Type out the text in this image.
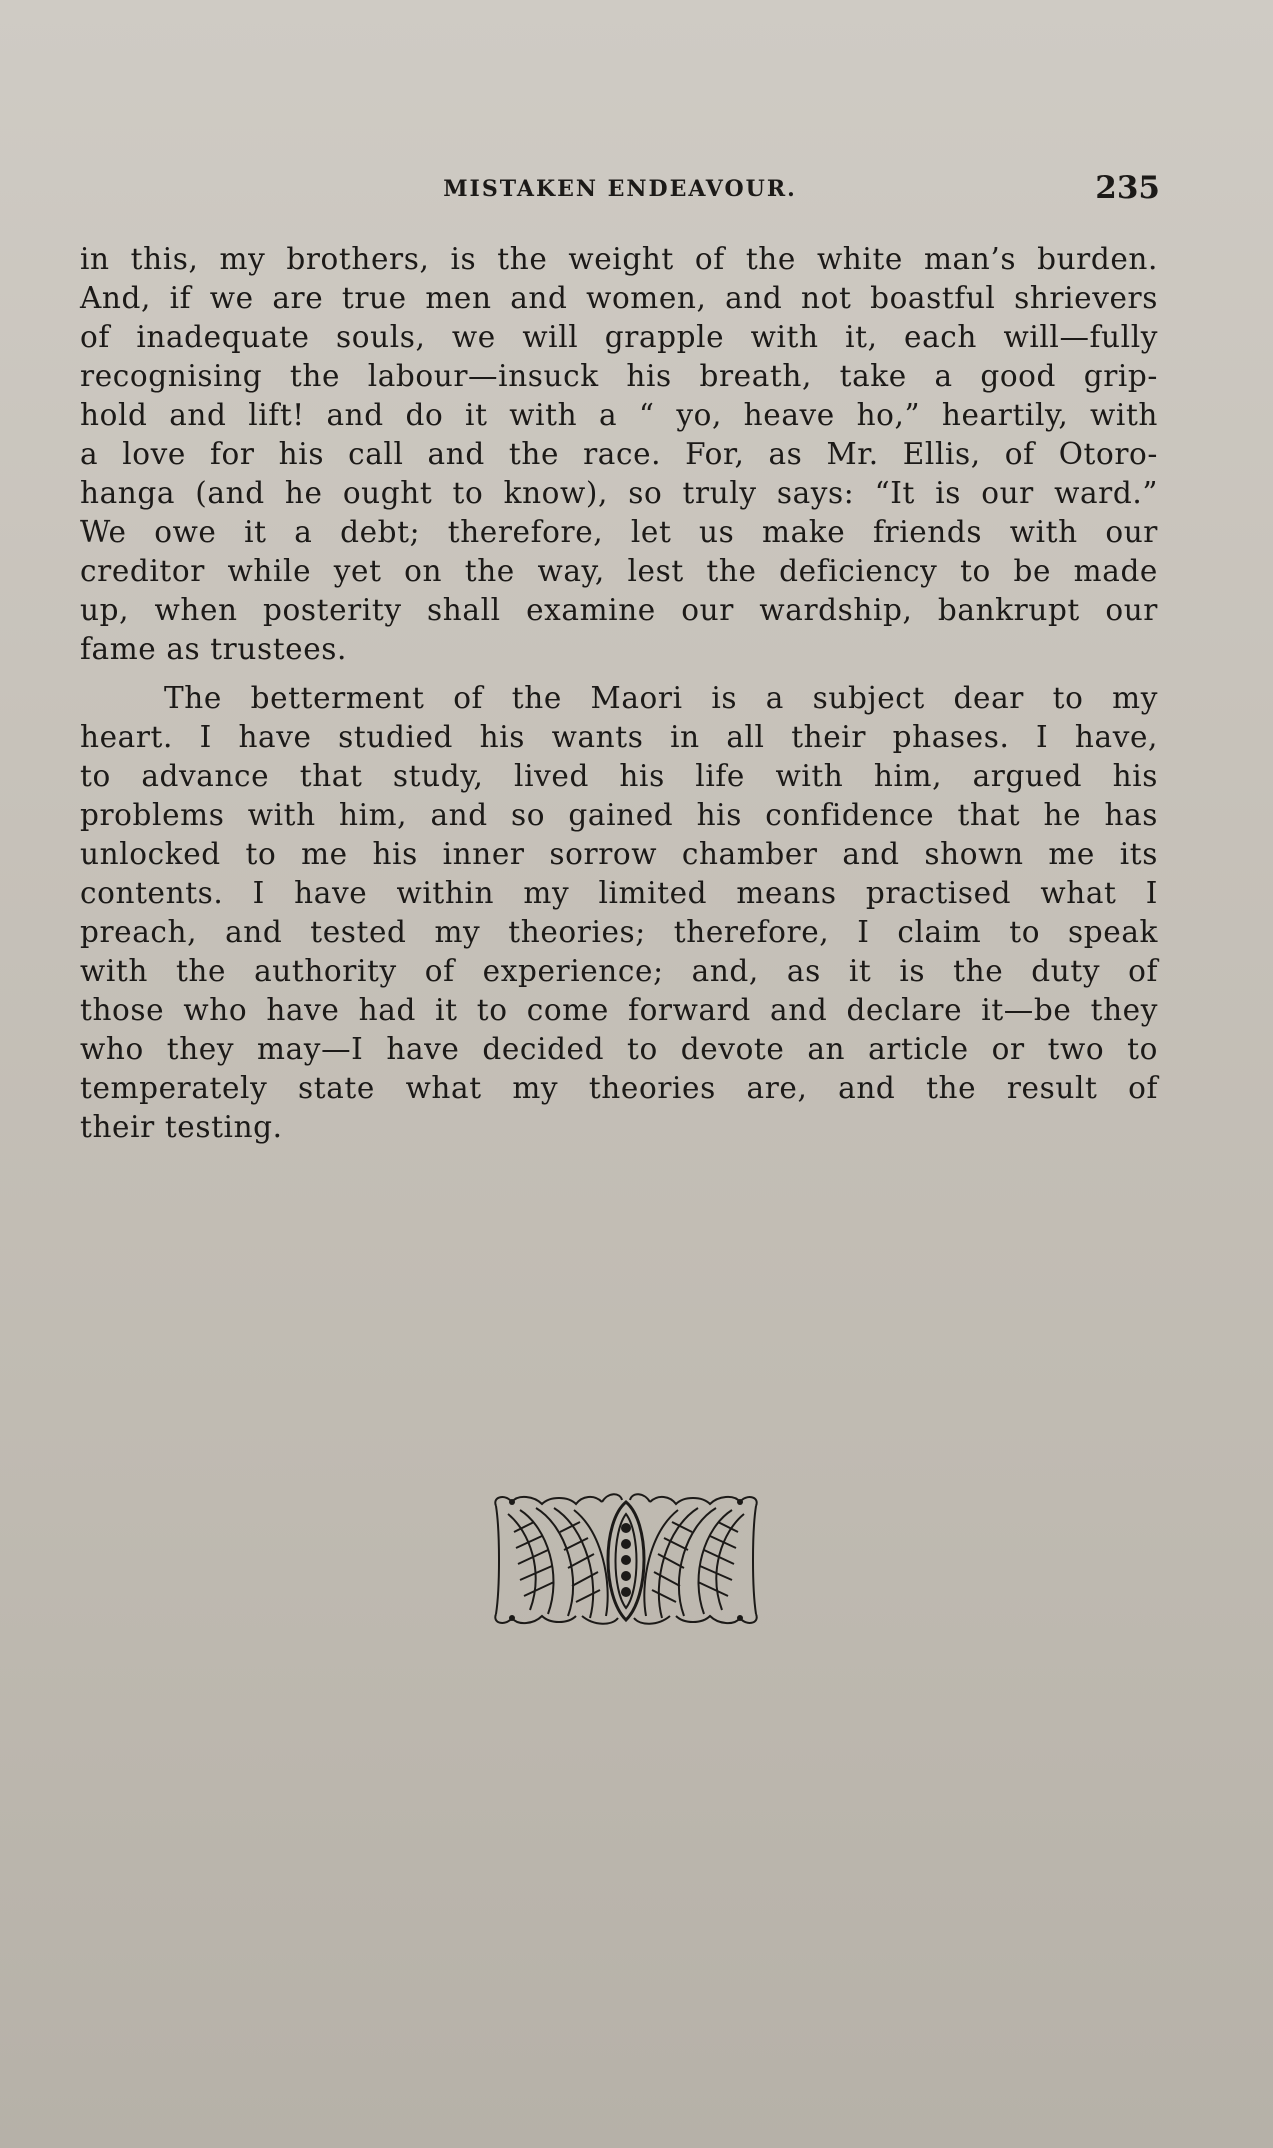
MISTAKEN ENDEAVOUR.	235
in this, my brothers, is the weight of the white man’s burden.
And, if we are true men and women, and not boastful shrievers
of inadequate souls, we will grapple with it, each will—fully
recognising the labour—insuck his breath, take a good grip-
hold and lift! and do it with a “ yo, heave ho,” heartily, with
a love for his call and the race. For, as Mr. Ellis, of Otoro-
hanga (and he ought to know), so truly says: “It is our ward.”
We owe it a debt; therefore, let us make friends with our
creditor while yet on the way, lest the deficiency to be made
up, when posterity shall examine our wardship, bankrupt our
fame as trustees.
The betterment of the Maori is a subject dear to my
heart. I have studied his wants in all their phases. I have,
to advance that study, lived his life with him, argued his
problems with him, and so gained his confidence that he has
unlocked to me his inner sorrow chamber and shown me its
contents. I have within my limited means practised what I
preach, and tested my theories; therefore, I claim to speak
with the authority of experience; and, as it is the duty of
those who have had it to come forward and declare it—be they
who they may—I have decided to devote an article or two to
temperately state what my theories are, and the result of
their testing.
